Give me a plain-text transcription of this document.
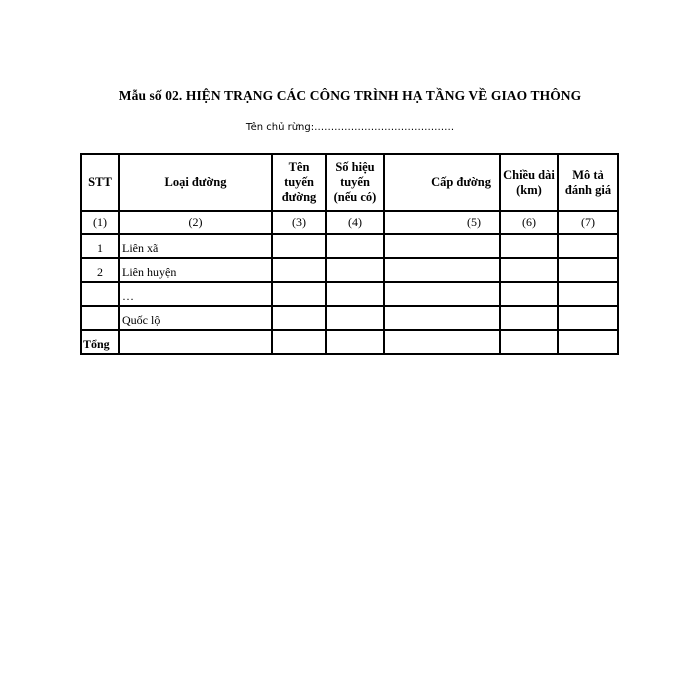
Mẫu số 02. HIỆN TRẠNG CÁC CÔNG TRÌNH HẠ TẦNG VỀ GIAO THÔNG
Tên chủ rừng:……………………………………
STT	Loại đường	Tên tuyến đường	Số hiệu tuyến (nếu có)	Cấp đường	Chiều dài (km)	Mô tả đánh giá
(1)	(2)	(3)	(4)	(5)	(6)	(7)
1	Liên xã					
2	Liên huyện					
	…					
	Quốc lộ					
Tổng						
